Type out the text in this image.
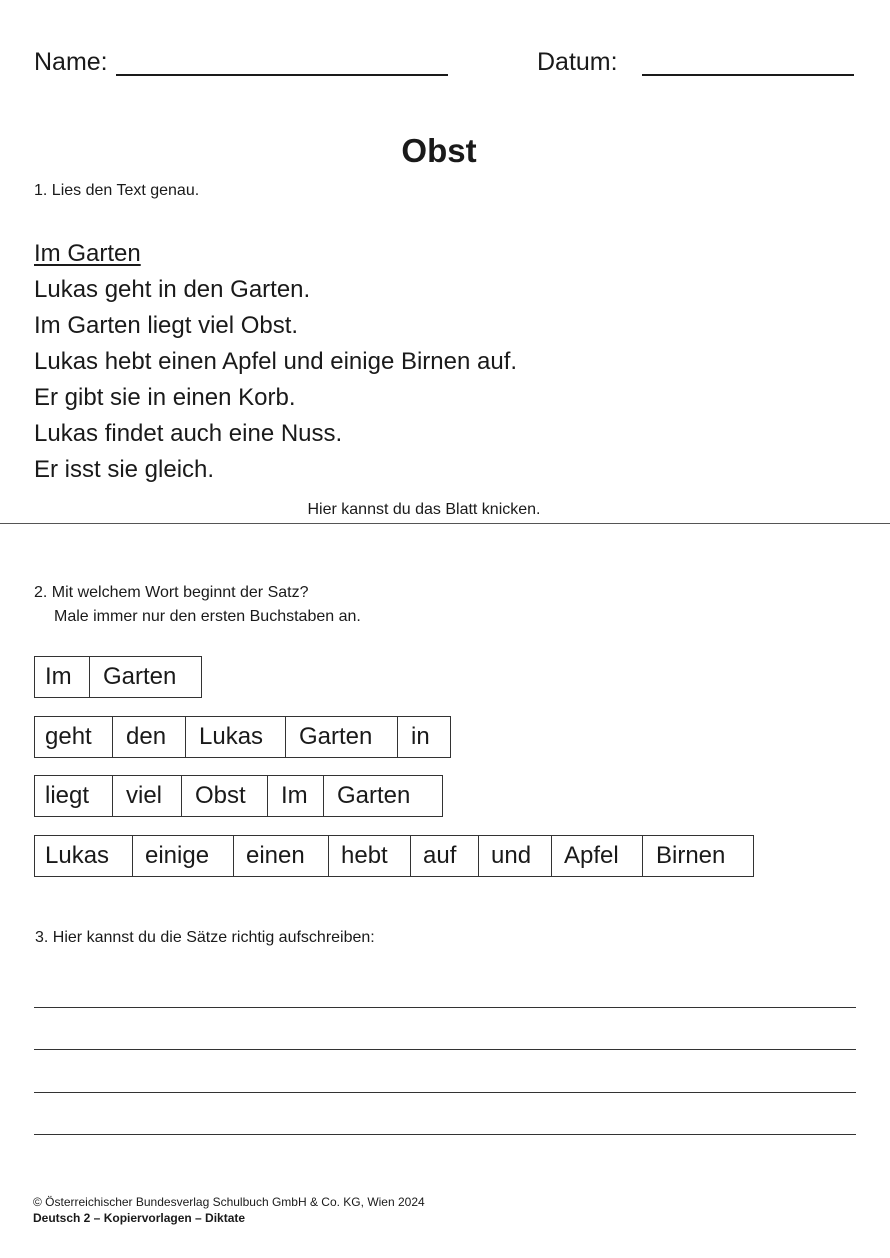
Name:	Datum:
Obst
1. Lies den Text genau.
Im Garten
Lukas geht in den Garten.
Im Garten liegt viel Obst.
Lukas hebt einen Apfel und einige Birnen auf.
Er gibt sie in einen Korb.
Lukas findet auch eine Nuss.
Er isst sie gleich.
Hier kannst du das Blatt knicken.
2. Mit welchem Wort beginnt der Satz?
Male immer nur den ersten Buchstaben an.
Im	Garten
geht	den	Lukas	Garten	in
liegt	viel	Obst	Im	Garten
Lukas	einige	einen	hebt	auf	und	Apfel	Birnen
3. Hier kannst du die Sätze richtig aufschreiben:
© Österreichischer Bundesverlag Schulbuch GmbH & Co. KG, Wien 2024
Deutsch 2 – Kopiervorlagen – Diktate
